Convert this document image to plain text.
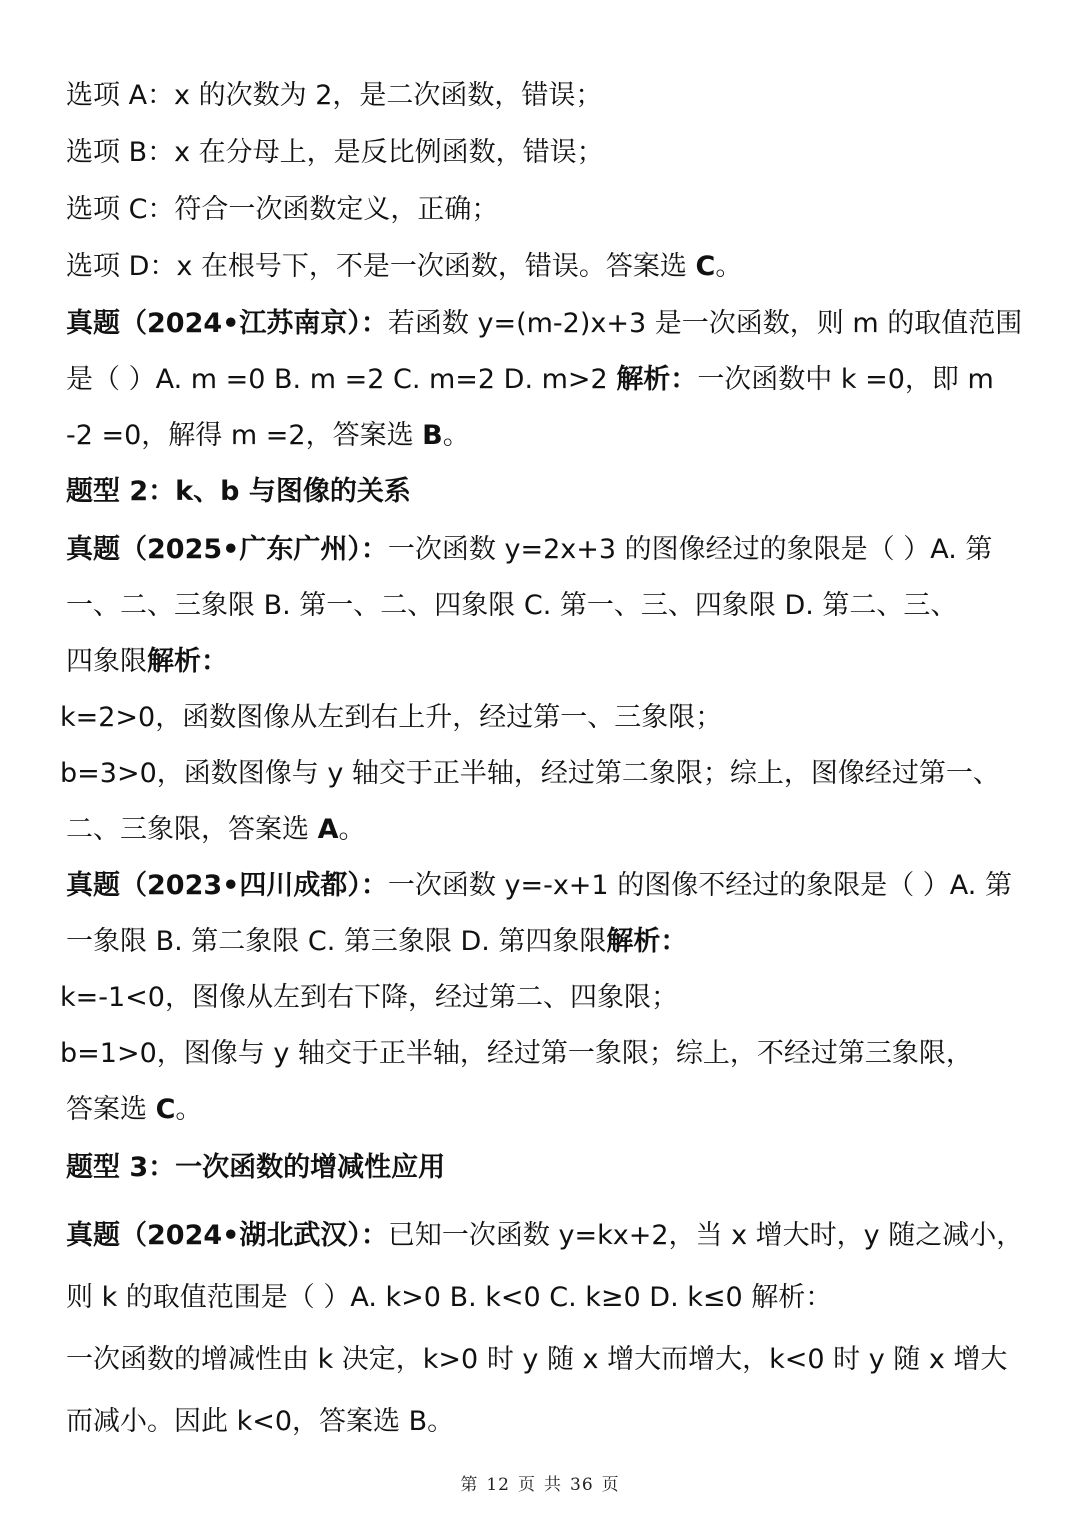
选项 A：x 的次数为 2，是二次函数，错误；
选项 B：x 在分母上，是反比例函数，错误；
选项 C：符合一次函数定义，正确；
选项 D：x 在根号下，不是一次函数，错误。答案选 C。
真题（2024•江苏南京）：若函数 y=(m-2)x+3 是一次函数，则 m 的取值范围
是（ ）A. m =0 B. m =2 C. m=2 D. m>2 解析：一次函数中 k =0，即 m
-2 =0，解得 m =2，答案选 B。
题型 2：k、b 与图像的关系
真题（2025•广东广州）：一次函数 y=2x+3 的图像经过的象限是（ ）A. 第
一、二、三象限 B. 第一、二、四象限 C. 第一、三、四象限 D. 第二、三、
四象限解析：
k=2>0，函数图像从左到右上升，经过第一、三象限；
b=3>0，函数图像与 y 轴交于正半轴，经过第二象限；综上，图像经过第一、
二、三象限，答案选 A。
真题（2023•四川成都）：一次函数 y=-x+1 的图像不经过的象限是（ ）A. 第
一象限 B. 第二象限 C. 第三象限 D. 第四象限解析：
k=-1<0，图像从左到右下降，经过第二、四象限；
b=1>0，图像与 y 轴交于正半轴，经过第一象限；综上，不经过第三象限，
答案选 C。
题型 3：一次函数的增减性应用
真题（2024•湖北武汉）：已知一次函数 y=kx+2，当 x 增大时，y 随之减小，
则 k 的取值范围是（ ）A. k>0 B. k<0 C. k≥0 D. k≤0 解析：
一次函数的增减性由 k 决定，k>0 时 y 随 x 增大而增大，k<0 时 y 随 x 增大
而减小。因此 k<0，答案选 B。
第 12 页 共 36 页
